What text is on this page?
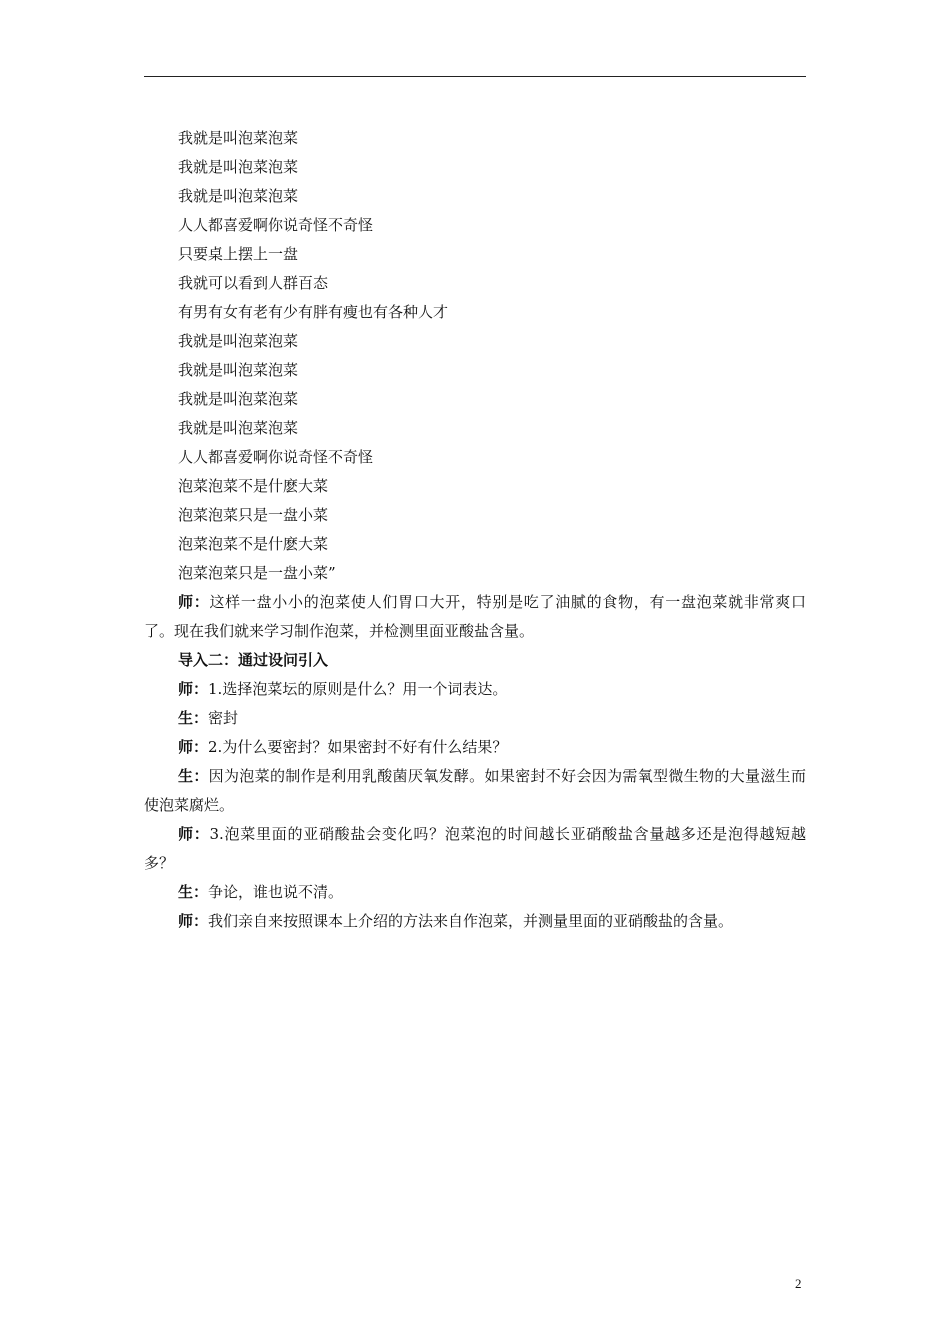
我就是叫泡菜泡菜
我就是叫泡菜泡菜
我就是叫泡菜泡菜
人人都喜爱啊你说奇怪不奇怪
只要桌上摆上一盘
我就可以看到人群百态
有男有女有老有少有胖有瘦也有各种人才
我就是叫泡菜泡菜
我就是叫泡菜泡菜
我就是叫泡菜泡菜
我就是叫泡菜泡菜
人人都喜爱啊你说奇怪不奇怪
泡菜泡菜不是什麽大菜
泡菜泡菜只是一盘小菜
泡菜泡菜不是什麽大菜
泡菜泡菜只是一盘小菜”

师：这样一盘小小的泡菜使人们胃口大开，特别是吃了油腻的食物，有一盘泡菜就非常爽口了。现在我们就来学习制作泡菜，并检测里面亚酸盐含量。

导入二：通过设问引入

师：1.选择泡菜坛的原则是什么？用一个词表达。

生：密封

师：2.为什么要密封？如果密封不好有什么结果？

生：因为泡菜的制作是利用乳酸菌厌氧发酵。如果密封不好会因为需氧型微生物的大量滋生而使泡菜腐烂。

师：3.泡菜里面的亚硝酸盐会变化吗？泡菜泡的时间越长亚硝酸盐含量越多还是泡得越短越多？

生：争论，谁也说不清。

师：我们亲自来按照课本上介绍的方法来自作泡菜，并测量里面的亚硝酸盐的含量。

2
